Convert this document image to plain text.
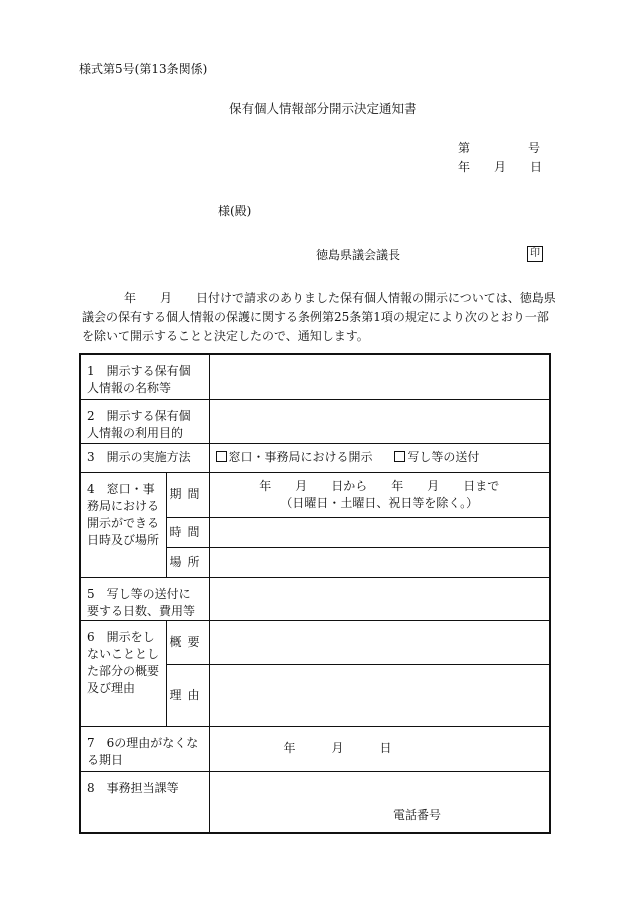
様式第5号(第13条関係)
保有個人情報部分開示決定通知書
第	号
年 月 日
様(殿)
徳島県議会議長	印

年　　月　　日付けで請求のありました保有個人情報の開示については、徳島県

議会の保有する個人情報の保護に関する条例第25条第1項の規定により次のとおり一部

を除いて開示することと決定したので、通知します。

1　開示する保有個人情報の名称等		
2　開示する保有個人情報の利用目的		
3　開示の実施方法		窓口・事務局における開示 写し等の送付
4　窓口・事務局における開示ができる日時及び場所	期間	年　　月　　日から　　年　　月　　日まで
（日曜日・土曜日、祝日等を除く。）

	時間	
	場所	
5　写し等の送付に要する日数、費用等		
6　開示をしないこととした部分の概要及び理由	概要	
	理由	
7　6の理由がなくなる期日		年　　　月　　　日
8　事務担当課等		電話番号
